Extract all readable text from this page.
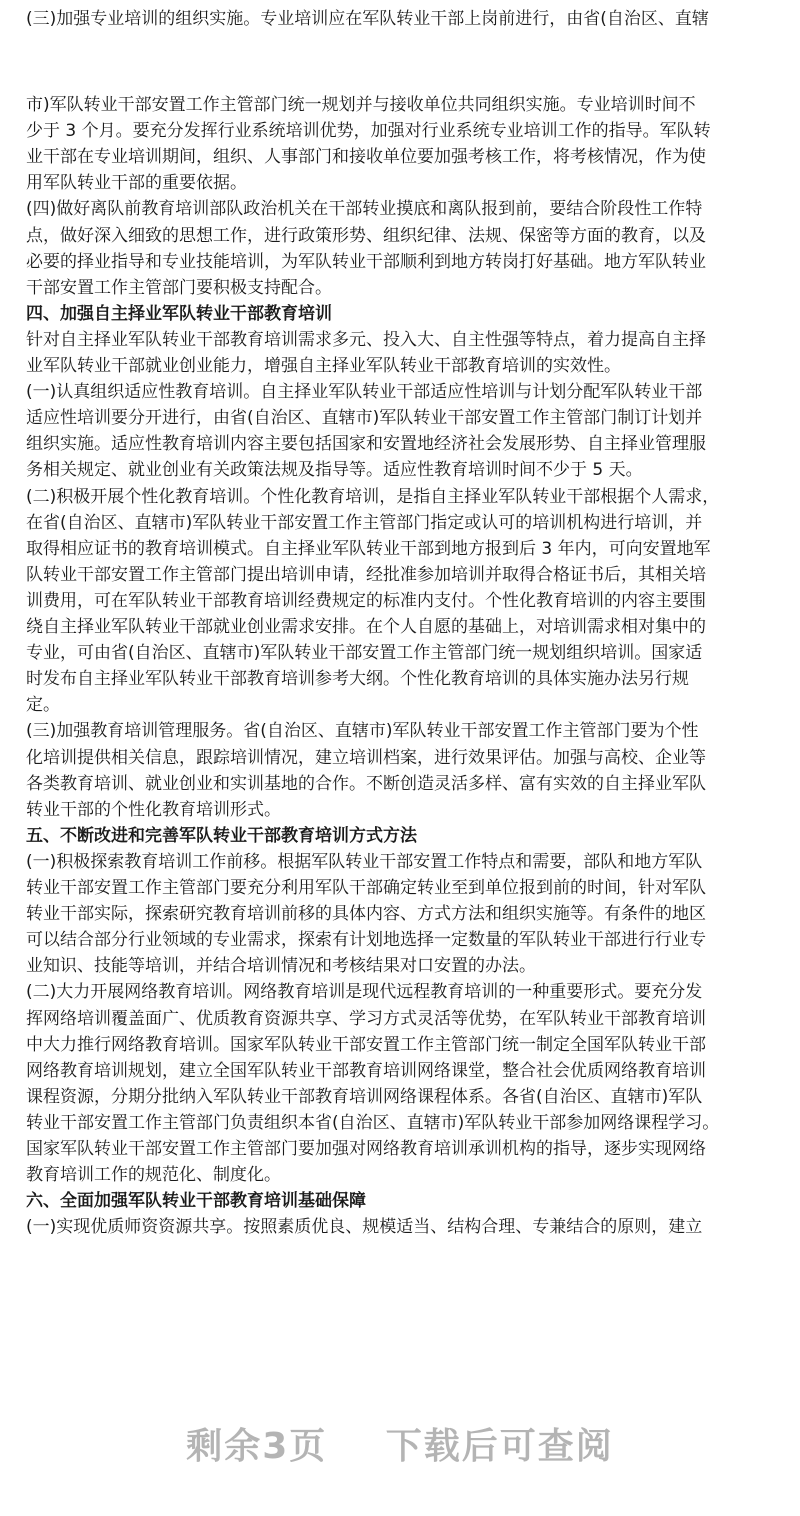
(三)加强专业培训的组织实施。专业培训应在军队转业干部上岗前进行，由省(自治区、直辖
市)军队转业干部安置工作主管部门统一规划并与接收单位共同组织实施。专业培训时间不
少于 3 个月。要充分发挥行业系统培训优势，加强对行业系统专业培训工作的指导。军队转
业干部在专业培训期间，组织、人事部门和接收单位要加强考核工作，将考核情况，作为使
用军队转业干部的重要依据。
(四)做好离队前教育培训部队政治机关在干部转业摸底和离队报到前，要结合阶段性工作特
点，做好深入细致的思想工作，进行政策形势、组织纪律、法规、保密等方面的教育，以及
必要的择业指导和专业技能培训，为军队转业干部顺利到地方转岗打好基础。地方军队转业
干部安置工作主管部门要积极支持配合。
四、加强自主择业军队转业干部教育培训
针对自主择业军队转业干部教育培训需求多元、投入大、自主性强等特点，着力提高自主择
业军队转业干部就业创业能力，增强自主择业军队转业干部教育培训的实效性。
(一)认真组织适应性教育培训。自主择业军队转业干部适应性培训与计划分配军队转业干部
适应性培训要分开进行，由省(自治区、直辖市)军队转业干部安置工作主管部门制订计划并
组织实施。适应性教育培训内容主要包括国家和安置地经济社会发展形势、自主择业管理服
务相关规定、就业创业有关政策法规及指导等。适应性教育培训时间不少于 5 天。
(二)积极开展个性化教育培训。个性化教育培训，是指自主择业军队转业干部根据个人需求，
在省(自治区、直辖市)军队转业干部安置工作主管部门指定或认可的培训机构进行培训，并
取得相应证书的教育培训模式。自主择业军队转业干部到地方报到后 3 年内，可向安置地军
队转业干部安置工作主管部门提出培训申请，经批准参加培训并取得合格证书后，其相关培
训费用，可在军队转业干部教育培训经费规定的标准内支付。个性化教育培训的内容主要围
绕自主择业军队转业干部就业创业需求安排。在个人自愿的基础上，对培训需求相对集中的
专业，可由省(自治区、直辖市)军队转业干部安置工作主管部门统一规划组织培训。国家适
时发布自主择业军队转业干部教育培训参考大纲。个性化教育培训的具体实施办法另行规
定。
(三)加强教育培训管理服务。省(自治区、直辖市)军队转业干部安置工作主管部门要为个性
化培训提供相关信息，跟踪培训情况，建立培训档案，进行效果评估。加强与高校、企业等
各类教育培训、就业创业和实训基地的合作。不断创造灵活多样、富有实效的自主择业军队
转业干部的个性化教育培训形式。
五、不断改进和完善军队转业干部教育培训方式方法
(一)积极探索教育培训工作前移。根据军队转业干部安置工作特点和需要，部队和地方军队
转业干部安置工作主管部门要充分利用军队干部确定转业至到单位报到前的时间，针对军队
转业干部实际，探索研究教育培训前移的具体内容、方式方法和组织实施等。有条件的地区
可以结合部分行业领域的专业需求，探索有计划地选择一定数量的军队转业干部进行行业专
业知识、技能等培训，并结合培训情况和考核结果对口安置的办法。
(二)大力开展网络教育培训。网络教育培训是现代远程教育培训的一种重要形式。要充分发
挥网络培训覆盖面广、优质教育资源共享、学习方式灵活等优势，在军队转业干部教育培训
中大力推行网络教育培训。国家军队转业干部安置工作主管部门统一制定全国军队转业干部
网络教育培训规划，建立全国军队转业干部教育培训网络课堂，整合社会优质网络教育培训
课程资源，分期分批纳入军队转业干部教育培训网络课程体系。各省(自治区、直辖市)军队
转业干部安置工作主管部门负责组织本省(自治区、直辖市)军队转业干部参加网络课程学习。
国家军队转业干部安置工作主管部门要加强对网络教育培训承训机构的指导，逐步实现网络
教育培训工作的规范化、制度化。
六、全面加强军队转业干部教育培训基础保障
(一)实现优质师资资源共享。按照素质优良、规模适当、结构合理、专兼结合的原则，建立
剩余3页 下载后可查阅
